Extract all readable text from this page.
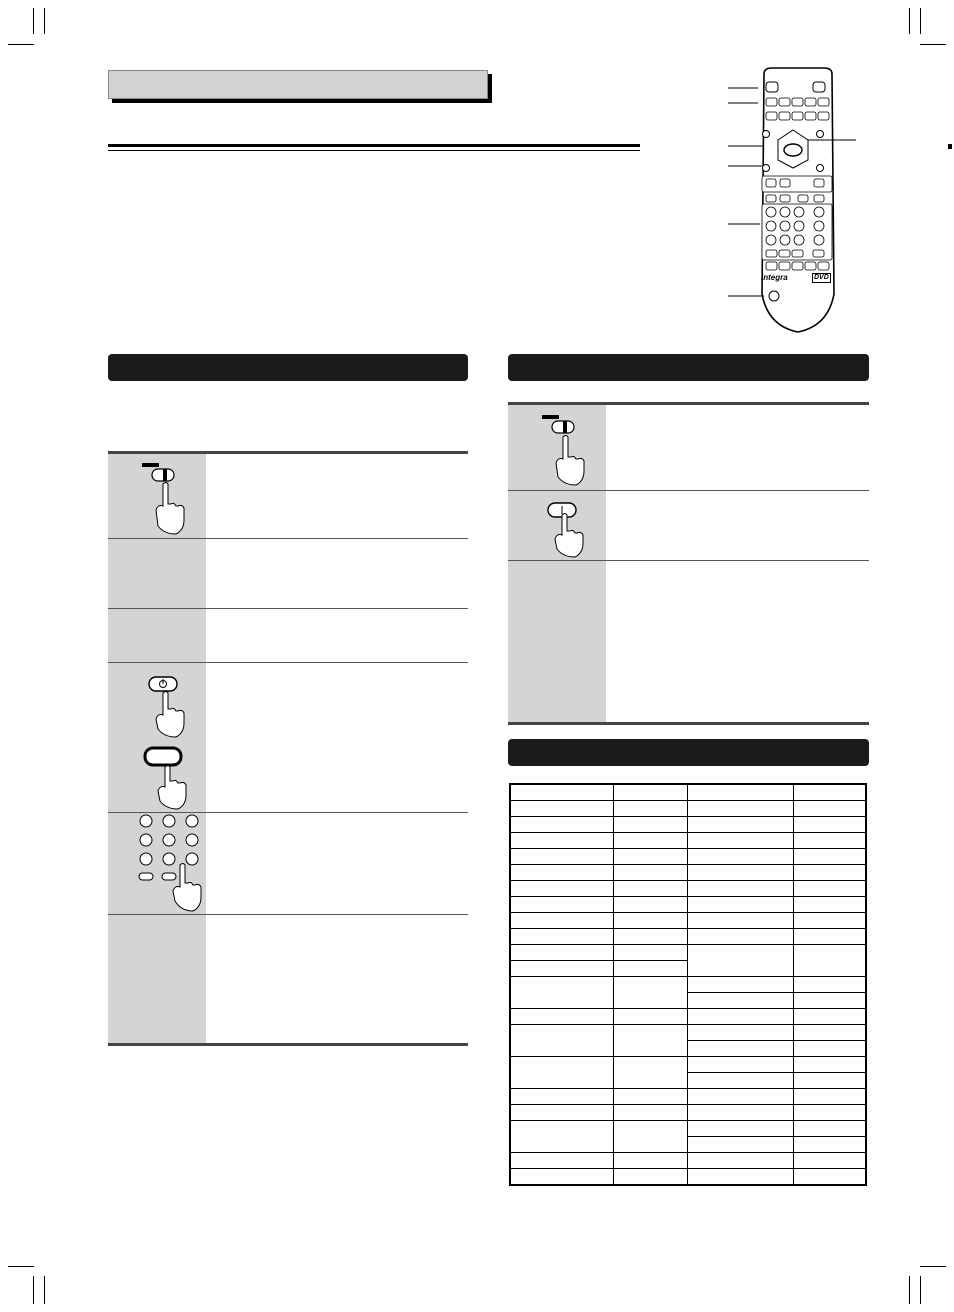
Integra	DVD
